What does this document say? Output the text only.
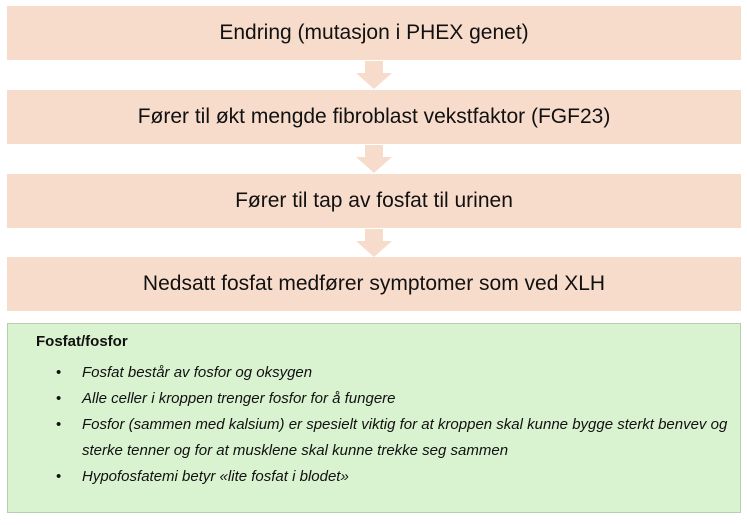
Endring (mutasjon i PHEX genet)
Fører til økt mengde fibroblast vekstfaktor (FGF23)
Fører til tap av fosfat til urinen
Nedsatt fosfat medfører symptomer som ved XLH
Fosfat/fosfor
• Fosfat består av fosfor og oksygen
• Alle celler i kroppen trenger fosfor for å fungere
• Fosfor (sammen med kalsium) er spesielt viktig for at kroppen skal kunne bygge sterkt benvev og sterke tenner og for at musklene skal kunne trekke seg sammen
• Hypofosfatemi betyr «lite fosfat i blodet»
